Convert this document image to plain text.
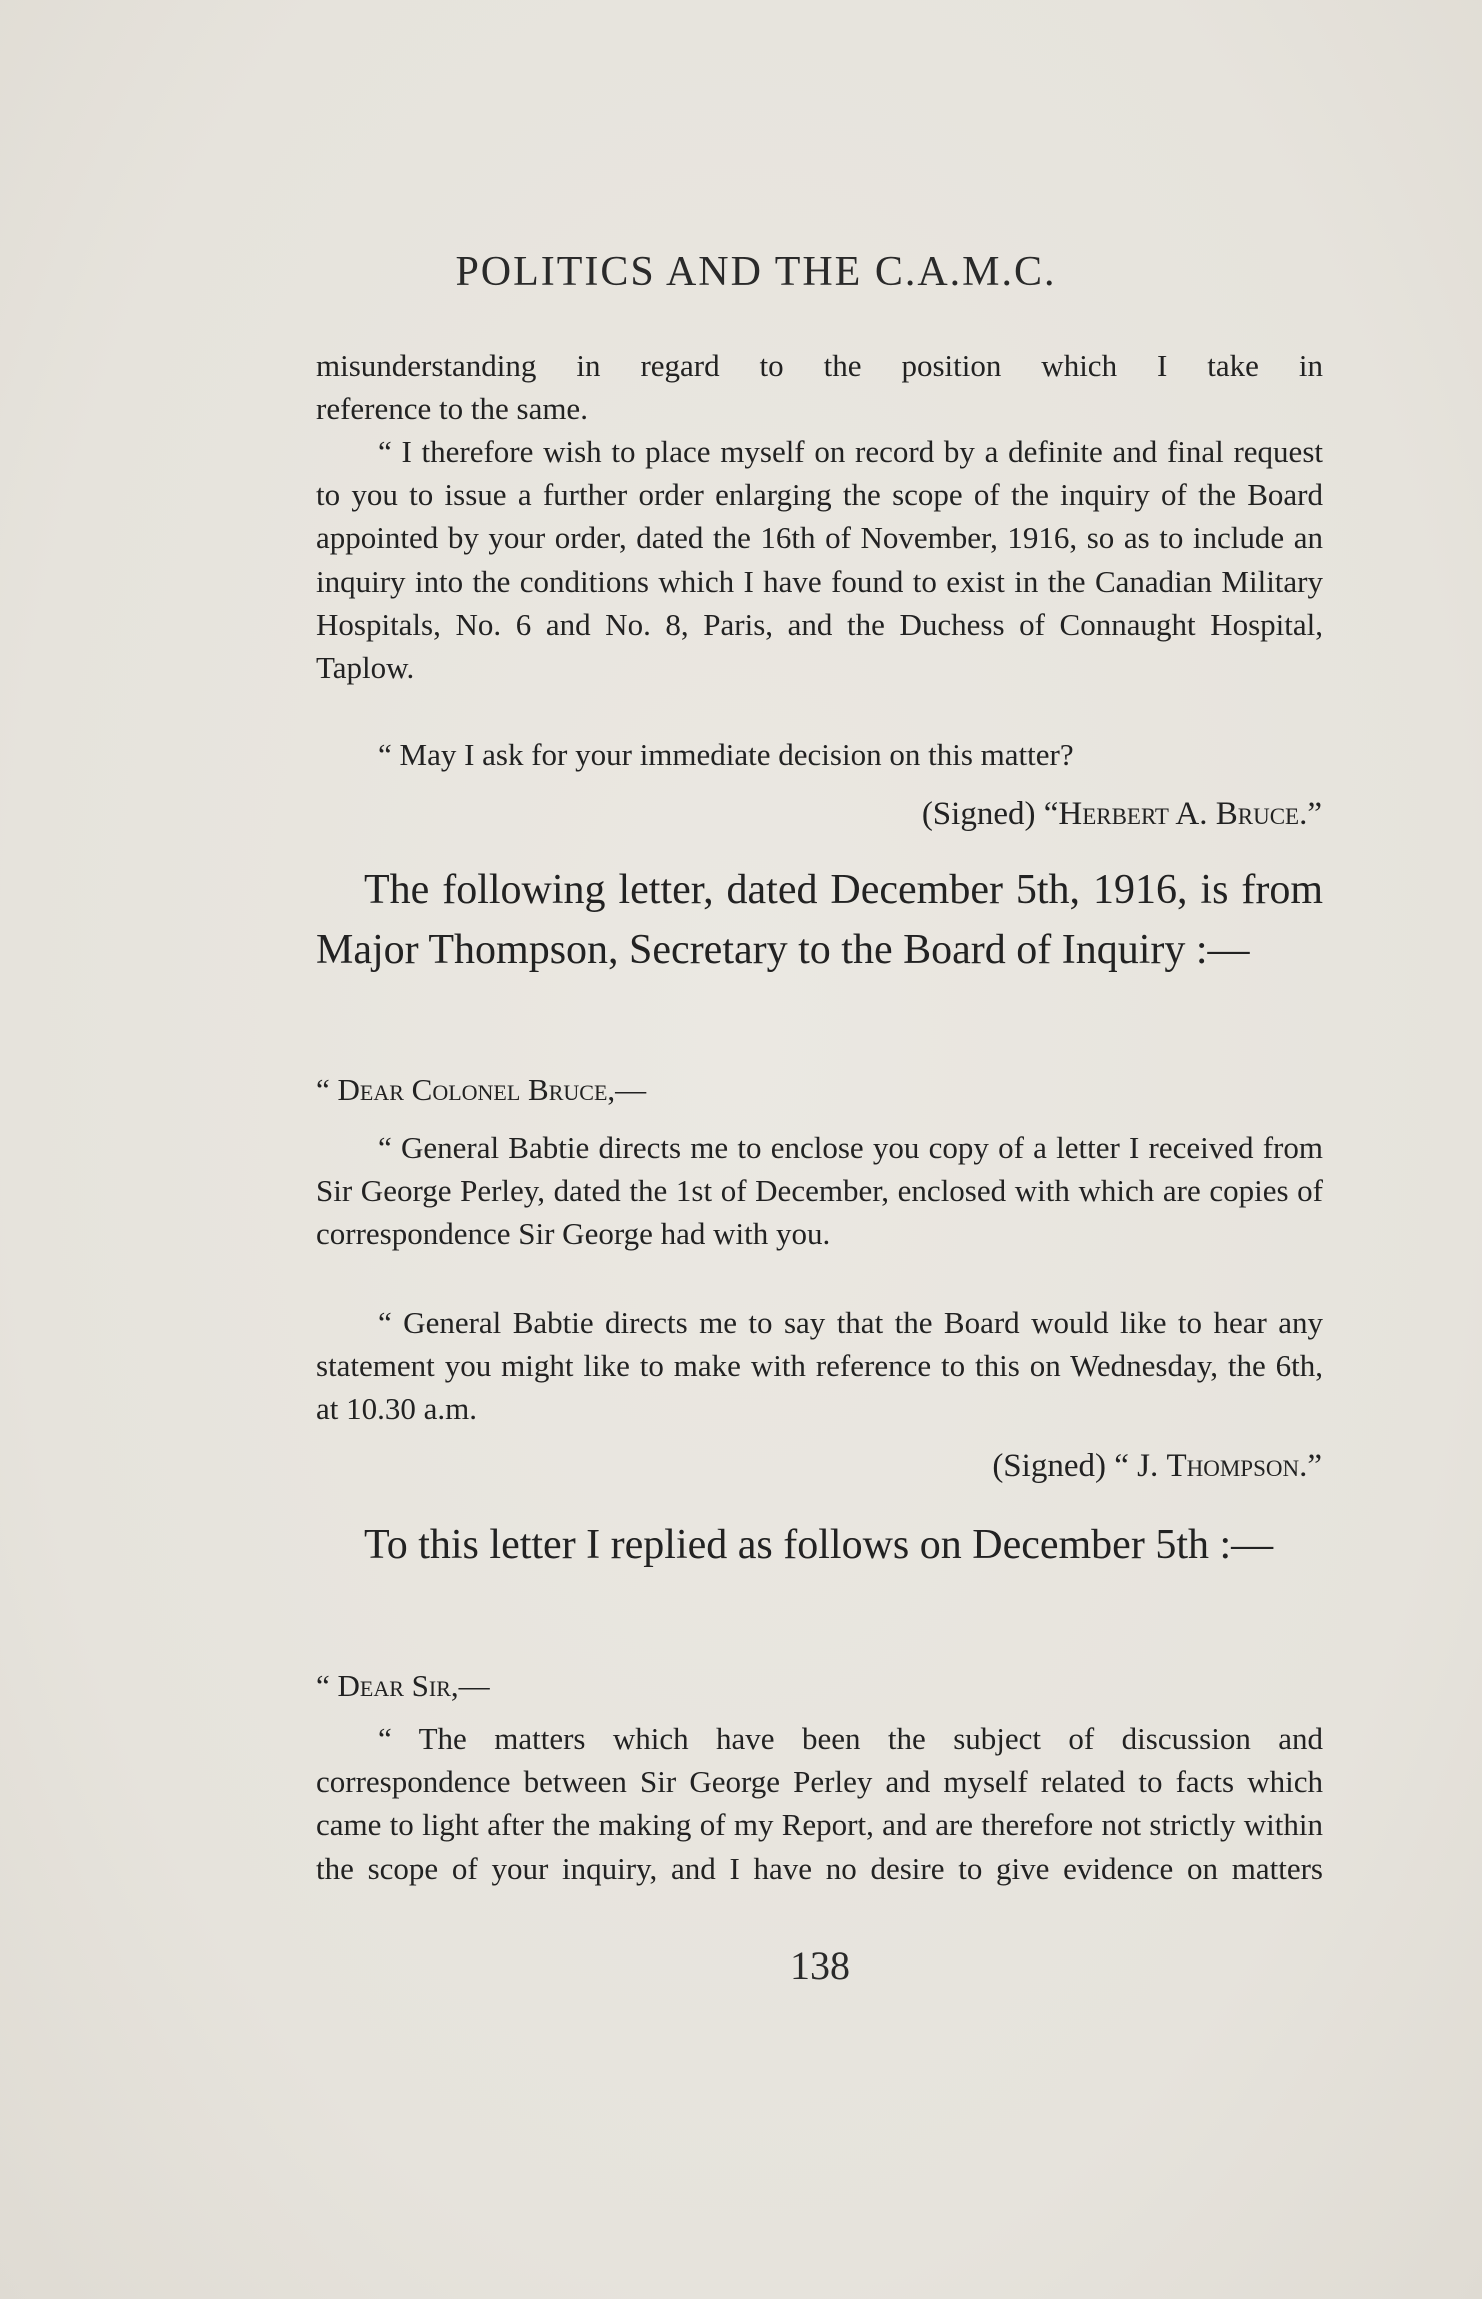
POLITICS AND THE C.A.M.C.
misunderstanding in regard to the position which I take in
reference to the same.

“ I therefore wish to place myself on record by a definite and final request to you to issue a further order enlarging the scope of the inquiry of the Board appointed by your order, dated the 16th of November, 1916, so as to include an inquiry into the conditions which I have found to exist in the Canadian Military Hospitals, No. 6 and No. 8, Paris, and the Duchess of Connaught Hospital, Taplow.

“ May I ask for your immediate decision on this matter?

(Signed) “Herbert A. Bruce.”

The following letter, dated December 5th, 1916, is from Major Thompson, Secretary to the Board of Inquiry :—

“ Dear Colonel Bruce,—

“ General Babtie directs me to enclose you copy of a letter I received from Sir George Perley, dated the 1st of December, enclosed with which are copies of correspondence Sir George had with you.

“ General Babtie directs me to say that the Board would like to hear any statement you might like to make with reference to this on Wednesday, the 6th, at 10.30 a.m.

(Signed) “ J. Thompson.”

To this letter I replied as follows on December 5th :—

“ Dear Sir,—

“ The matters which have been the subject of discussion and correspondence between Sir George Perley and myself related to facts which came to light after the making of my Report, and are therefore not strictly within the scope of your inquiry, and I have no desire to give evidence on matters

138
